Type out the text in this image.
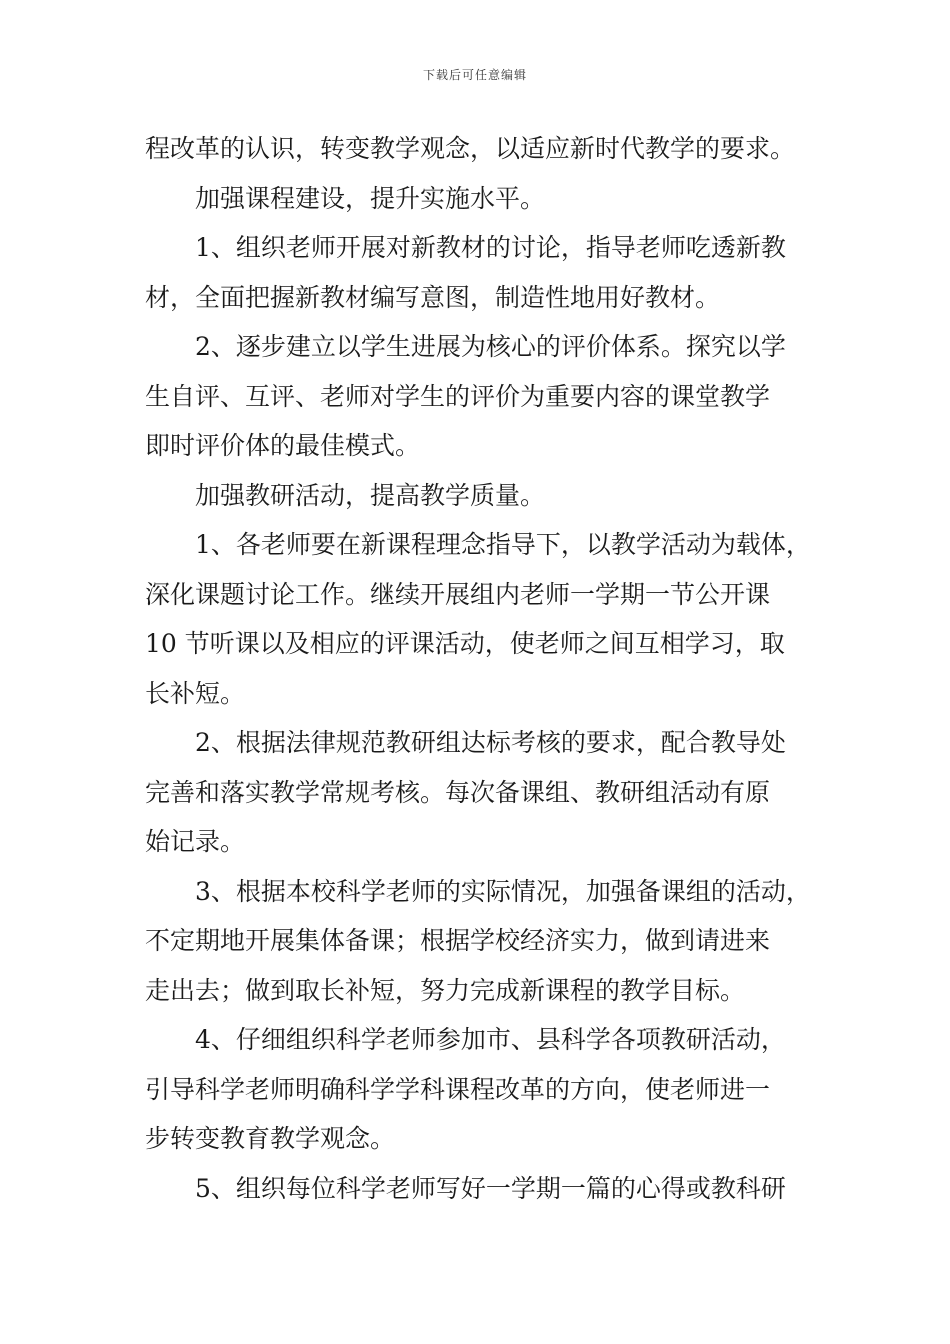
下载后可任意编辑

程改革的认识，转变教学观念，以适应新时代教学的要求。

加强课程建设，提升实施水平。

1、组织老师开展对新教材的讨论，指导老师吃透新教

材，全面把握新教材编写意图，制造性地用好教材。

2、逐步建立以学生进展为核心的评价体系。探究以学

生自评、互评、老师对学生的评价为重要内容的课堂教学

即时评价体的最佳模式。

加强教研活动，提高教学质量。

1、各老师要在新课程理念指导下，以教学活动为载体，

深化课题讨论工作。继续开展组内老师一学期一节公开课

10 节听课以及相应的评课活动，使老师之间互相学习，取

长补短。

2、根据法律规范教研组达标考核的要求，配合教导处

完善和落实教学常规考核。每次备课组、教研组活动有原

始记录。

3、根据本校科学老师的实际情况，加强备课组的活动，

不定期地开展集体备课；根据学校经济实力，做到请进来

走出去；做到取长补短，努力完成新课程的教学目标。

4、仔细组织科学老师参加市、县科学各项教研活动，

引导科学老师明确科学学科课程改革的方向，使老师进一

步转变教育教学观念。

5、组织每位科学老师写好一学期一篇的心得或教科研
